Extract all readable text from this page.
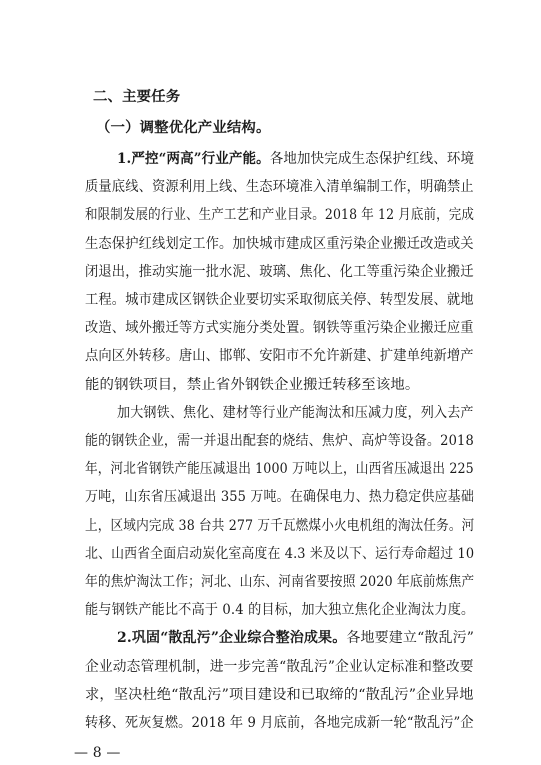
二、主要任务
（一）调整优化产业结构。
1.严控“两高”行业产能。各地加快完成生态保护红线、环境
质量底线、资源利用上线、生态环境准入清单编制工作，明确禁止
和限制发展的行业、生产工艺和产业目录。2018 年 12 月底前，完成
生态保护红线划定工作。加快城市建成区重污染企业搬迁改造或关
闭退出，推动实施一批水泥、玻璃、焦化、化工等重污染企业搬迁
工程。城市建成区钢铁企业要切实采取彻底关停、转型发展、就地
改造、域外搬迁等方式实施分类处置。钢铁等重污染企业搬迁应重
点向区外转移。唐山、邯郸、安阳市不允许新建、扩建单纯新增产
能的钢铁项目，禁止省外钢铁企业搬迁转移至该地。
加大钢铁、焦化、建材等行业产能淘汰和压减力度，列入去产
能的钢铁企业，需一并退出配套的烧结、焦炉、高炉等设备。2018
年，河北省钢铁产能压减退出 1000 万吨以上，山西省压减退出 225
万吨，山东省压减退出 355 万吨。在确保电力、热力稳定供应基础
上，区域内完成 38 台共 277 万千瓦燃煤小火电机组的淘汰任务。河
北、山西省全面启动炭化室高度在 4.3 米及以下、运行寿命超过 10
年的焦炉淘汰工作；河北、山东、河南省要按照 2020 年底前炼焦产
能与钢铁产能比不高于 0.4 的目标，加大独立焦化企业淘汰力度。
2.巩固“散乱污”企业综合整治成果。各地要建立“散乱污”
企业动态管理机制，进一步完善“散乱污”企业认定标准和整改要
求，坚决杜绝“散乱污”项目建设和已取缔的“散乱污”企业异地
转移、死灰复燃。2018 年 9 月底前，各地完成新一轮“散乱污”企
— 8 —
